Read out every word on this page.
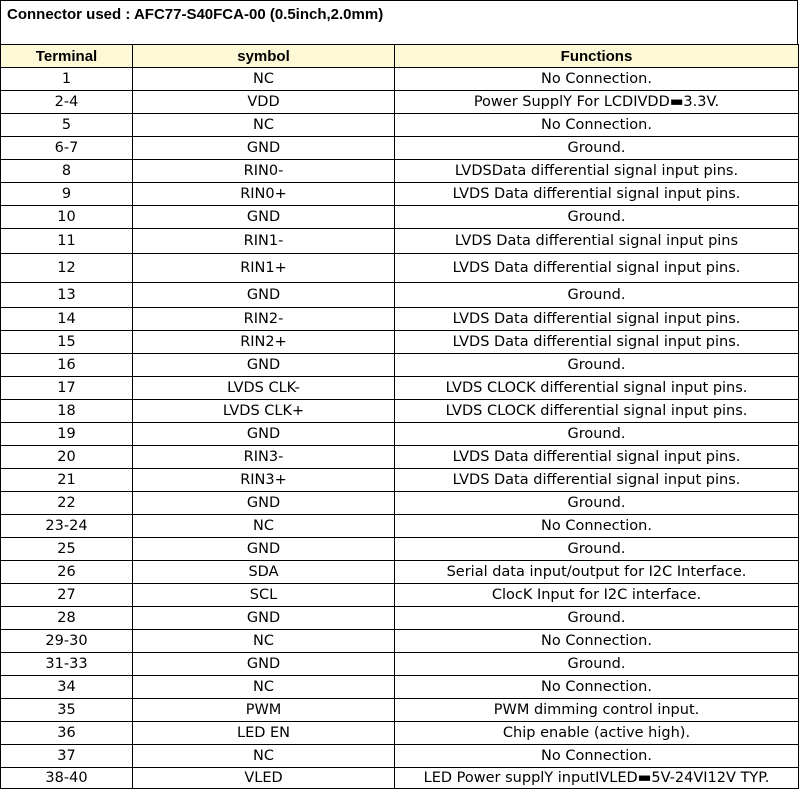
Connector used : AFC77-S40FCA-00 (0.5inch,2.0mm)
Terminal	symbol	Functions
1	NC	No Connection.
2-4	VDD	Power SupplY For LCDIVDD▬3.3V.
5	NC	No Connection.
6-7	GND	Ground.
8	RIN0-	LVDSData differential signal input pins.
9	RIN0+	LVDS Data differential signal input pins.
10	GND	Ground.
11	RIN1-	LVDS Data differential signal input pins
12	RIN1+	LVDS Data differential signal input pins.
13	GND	Ground.
14	RIN2-	LVDS Data differential signal input pins.
15	RIN2+	LVDS Data differential signal input pins.
16	GND	Ground.
17	LVDS CLK-	LVDS CLOCK differential signal input pins.
18	LVDS CLK+	LVDS CLOCK differential signal input pins.
19	GND	Ground.
20	RIN3-	LVDS Data differential signal input pins.
21	RIN3+	LVDS Data differential signal input pins.
22	GND	Ground.
23-24	NC	No Connection.
25	GND	Ground.
26	SDA	Serial data input/output for I2C Interface.
27	SCL	ClocK Input for I2C interface.
28	GND	Ground.
29-30	NC	No Connection.
31-33	GND	Ground.
34	NC	No Connection.
35	PWM	PWM dimming control input.
36	LED EN	Chip enable (active high).
37	NC	No Connection.
38-40	VLED	LED Power supplY inputIVLED▬5V-24VI12V TYP.
